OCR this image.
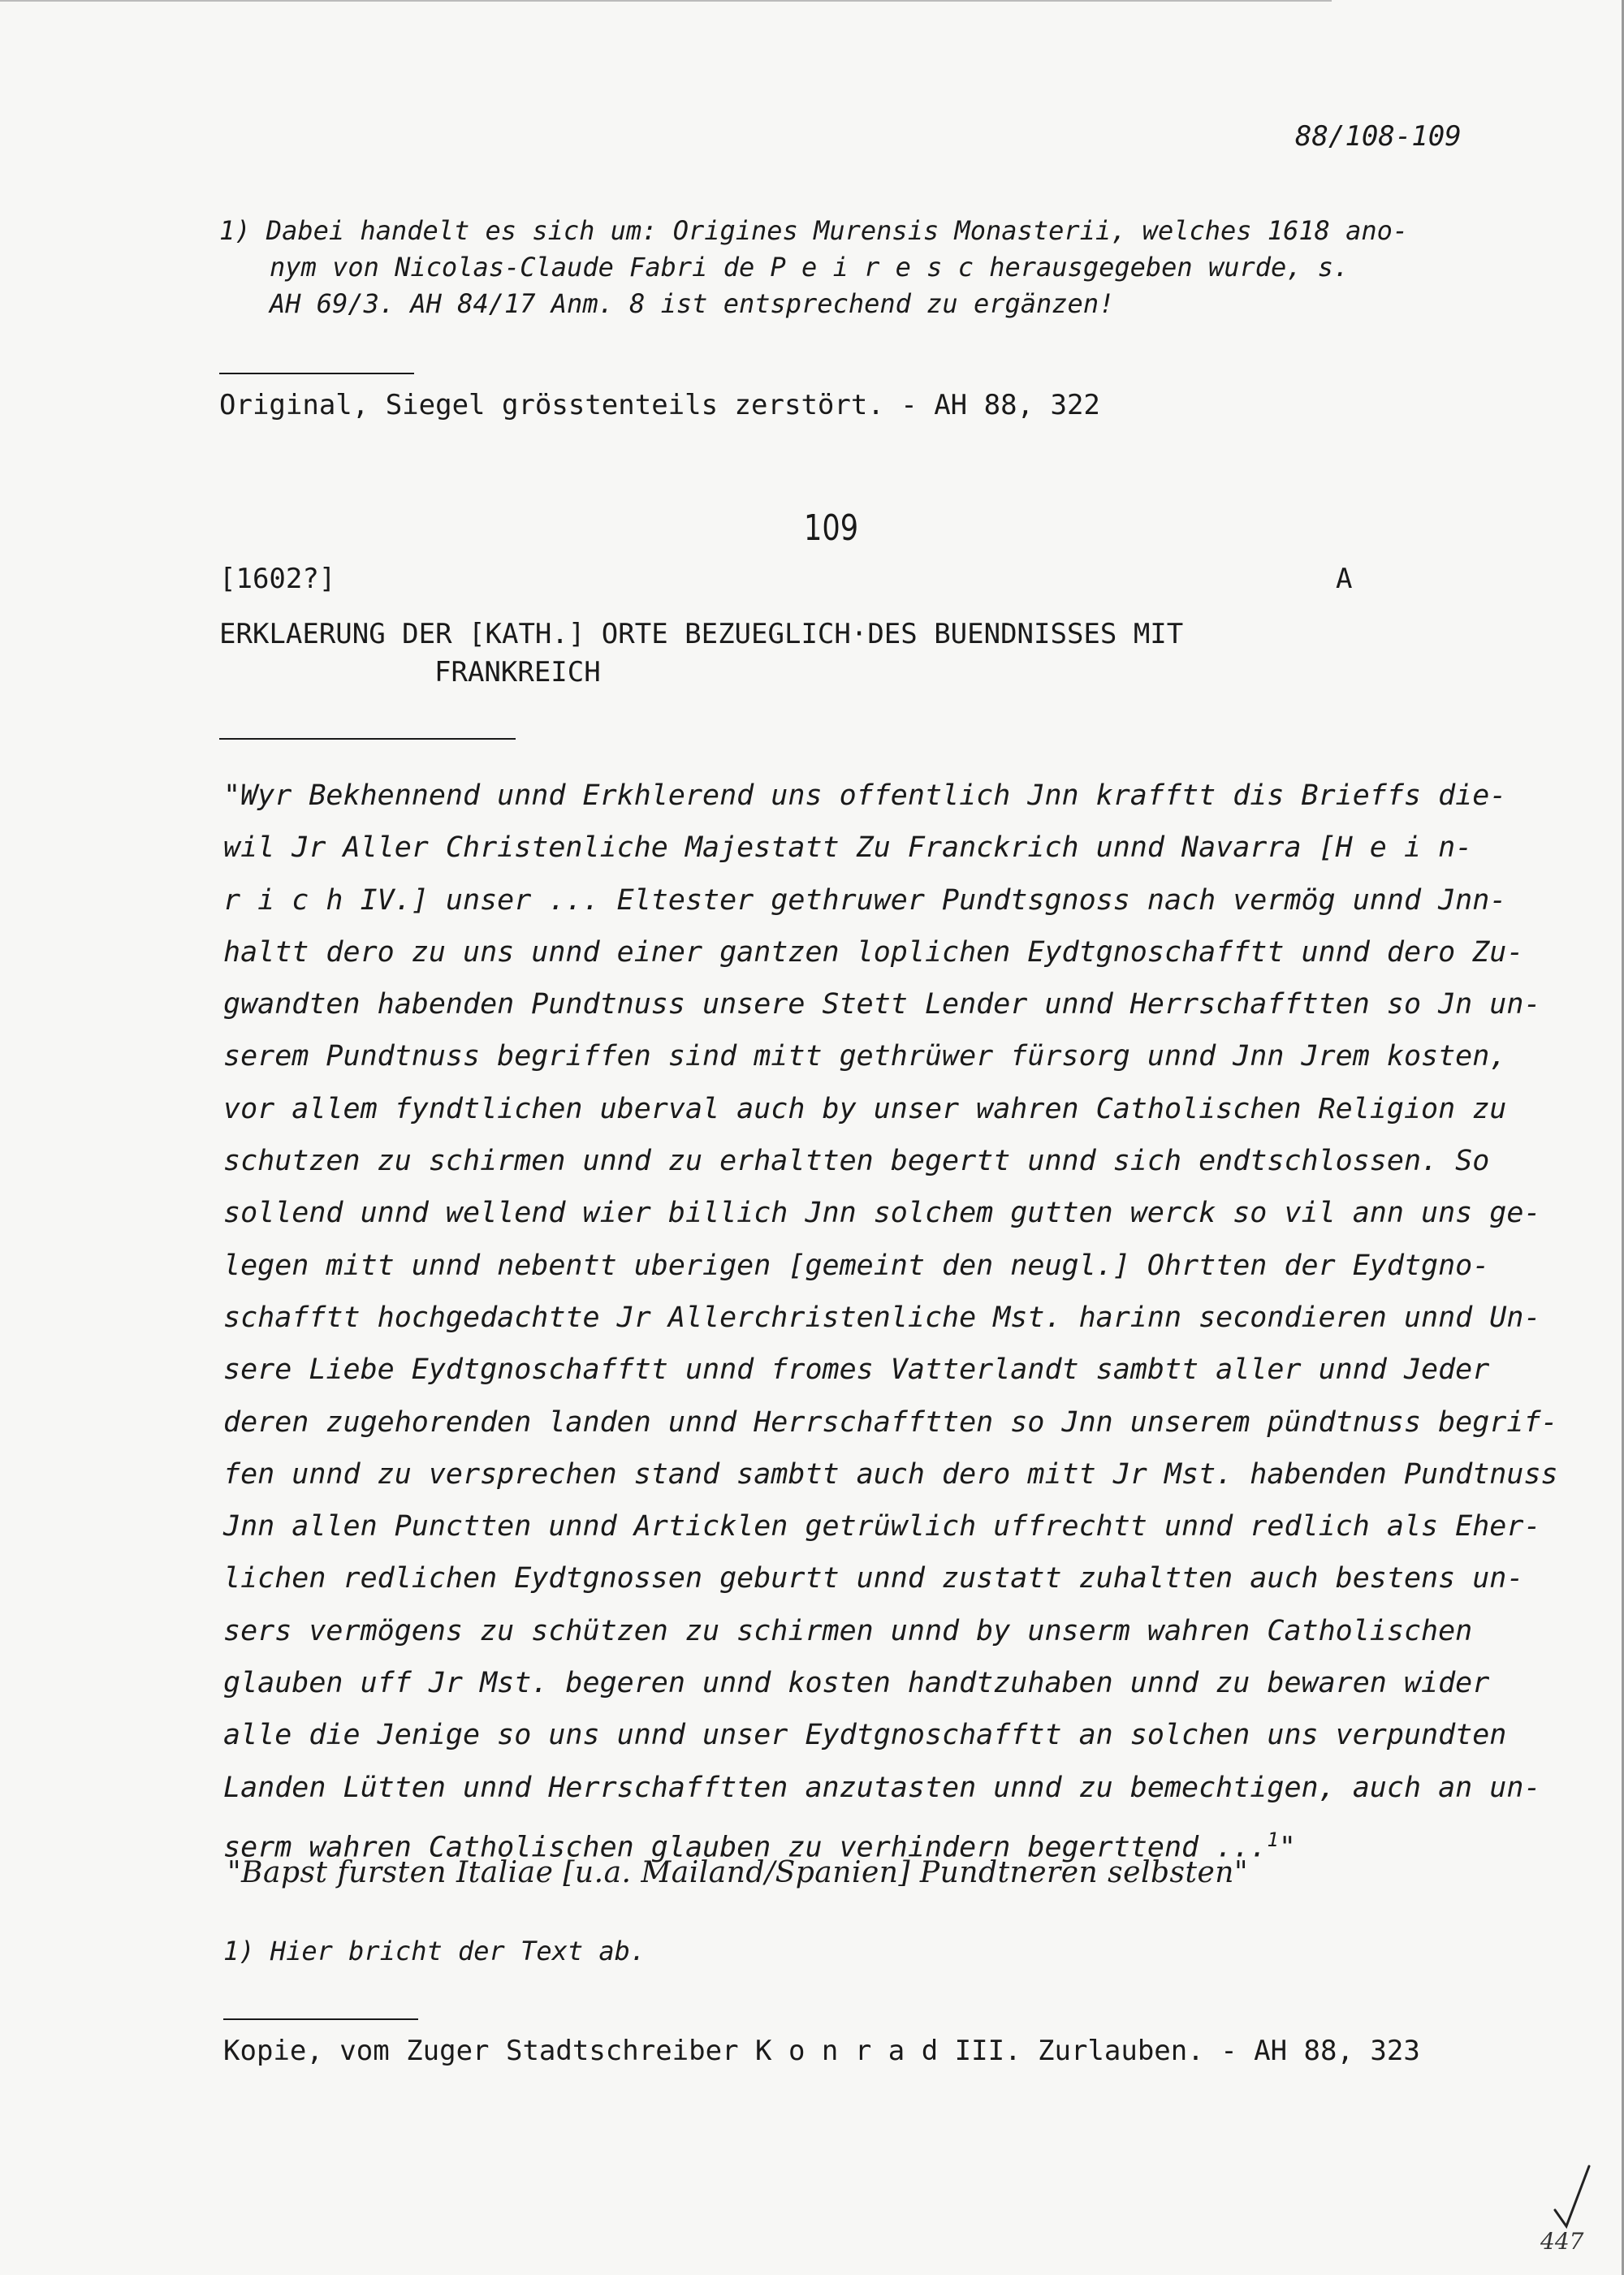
88/108-109
1) Dabei handelt es sich um: Origines Murensis Monasterii, welches 1618 ano-
nym von Nicolas-Claude Fabri de P e i r e s c herausgegeben wurde, s.
AH 69/3. AH 84/17 Anm. 8 ist entsprechend zu ergänzen!
Original, Siegel grösstenteils zerstört. - AH 88, 322
109
[1602?]	A
ERKLAERUNG DER [KATH.] ORTE BEZUEGLICH·DES BUENDNISSES MIT
FRANKREICH
"Wyr Bekhennend unnd Erkhlerend uns offentlich Jnn krafftt dis Brieffs die-
wil Jr Aller Christenliche Majestatt Zu Franckrich unnd Navarra [H e i n-
r i c h IV.] unser ... Eltester gethruwer Pundtsgnoss nach vermög unnd Jnn-
haltt dero zu uns unnd einer gantzen loplichen Eydtgnoschafftt unnd dero Zu-
gwandten habenden Pundtnuss unsere Stett Lender unnd Herrschafftten so Jn un-
serem Pundtnuss begriffen sind mitt gethrüwer fürsorg unnd Jnn Jrem kosten,
vor allem fyndtlichen uberval auch by unser wahren Catholischen Religion zu
schutzen zu schirmen unnd zu erhaltten begertt unnd sich endtschlossen. So
sollend unnd wellend wier billich Jnn solchem gutten werck so vil ann uns ge-
legen mitt unnd nebentt uberigen [gemeint den neugl.] Ohrtten der Eydtgno-
schafftt hochgedachtte Jr Allerchristenliche Mst. harinn secondieren unnd Un-
sere Liebe Eydtgnoschafftt unnd fromes Vatterlandt sambtt aller unnd Jeder
deren zugehorenden landen unnd Herrschafftten so Jnn unserem pündtnuss begrif-
fen unnd zu versprechen stand sambtt auch dero mitt Jr Mst. habenden Pundtnuss
Jnn allen Punctten unnd Articklen getrüwlich uffrechtt unnd redlich als Eher-
lichen redlichen Eydtgnossen geburtt unnd zustatt zuhaltten auch bestens un-
sers vermögens zu schützen zu schirmen unnd by unserm wahren Catholischen
glauben uff Jr Mst. begeren unnd kosten handtzuhaben unnd zu bewaren wider
alle die Jenige so uns unnd unser Eydtgnoschafftt an solchen uns verpundten
Landen Lütten unnd Herrschafftten anzutasten unnd zu bemechtigen, auch an un-
serm wahren Catholischen glauben zu verhindern begerttend ...$^1$"
"Bapst fursten Italiae [u.a. Mailand/Spanien] Pundtneren selbsten"
1) Hier bricht der Text ab.
Kopie, vom Zuger Stadtschreiber K o n r a d III. Zurlauben. - AH 88, 323
447
